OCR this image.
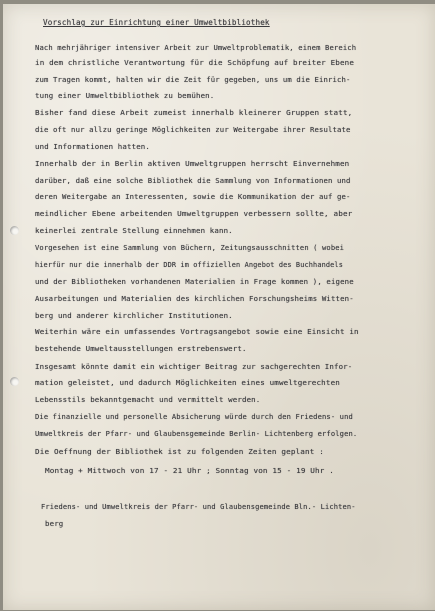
Vorschlag zur Einrichtung einer Umweltbibliothek

Nach mehrjähriger intensiver Arbeit zur Umweltproblematik, einem Bereich

in dem christliche Verantwortung für die Schöpfung auf breiter Ebene

zum Tragen kommt, halten wir die Zeit für gegeben, uns um die Einrich-

tung einer Umweltbibliothek zu bemühen.

Bisher fand diese Arbeit zumeist innerhalb kleinerer Gruppen statt,

die oft nur allzu geringe Möglichkeiten zur Weitergabe ihrer Resultate

und Informationen hatten.

Innerhalb der in Berlin aktiven Umweltgruppen herrscht Einvernehmen

darüber, daß eine solche Bibliothek die Sammlung von Informationen und

deren Weitergabe an Interessenten, sowie die Kommunikation der auf ge-

meindlicher Ebene arbeitenden Umweltgruppen verbessern sollte, aber

keinerlei zentrale Stellung einnehmen kann.

Vorgesehen ist eine Sammlung von Büchern, Zeitungsausschnitten ( wobei

hierfür nur die innerhalb der DDR im offiziellen Angebot des Buchhandels

und der Bibliotheken vorhandenen Materialien in Frage kommen ), eigene

Ausarbeitungen und Materialien des kirchlichen Forschungsheims Witten-

berg und anderer kirchlicher Institutionen.

Weiterhin wäre ein umfassendes Vortragsangebot sowie eine Einsicht in

bestehende Umweltausstellungen erstrebenswert.

Insgesamt könnte damit ein wichtiger Beitrag zur sachgerechten Infor-

mation geleistet, und dadurch Möglichkeiten eines umweltgerechten

Lebensstils bekanntgemacht und vermittelt werden.

Die finanzielle und personelle Absicherung würde durch den Friedens- und

Umweltkreis der Pfarr- und Glaubensgemeinde Berlin- Lichtenberg erfolgen.

Die Oeffnung der Bibliothek ist zu folgenden Zeiten geplant :

Montag + Mittwoch von 17 - 21 Uhr ; Sonntag von 15 - 19 Uhr .

Friedens- und Umweltkreis der Pfarr- und Glaubensgemeinde Bln.- Lichten-

berg
